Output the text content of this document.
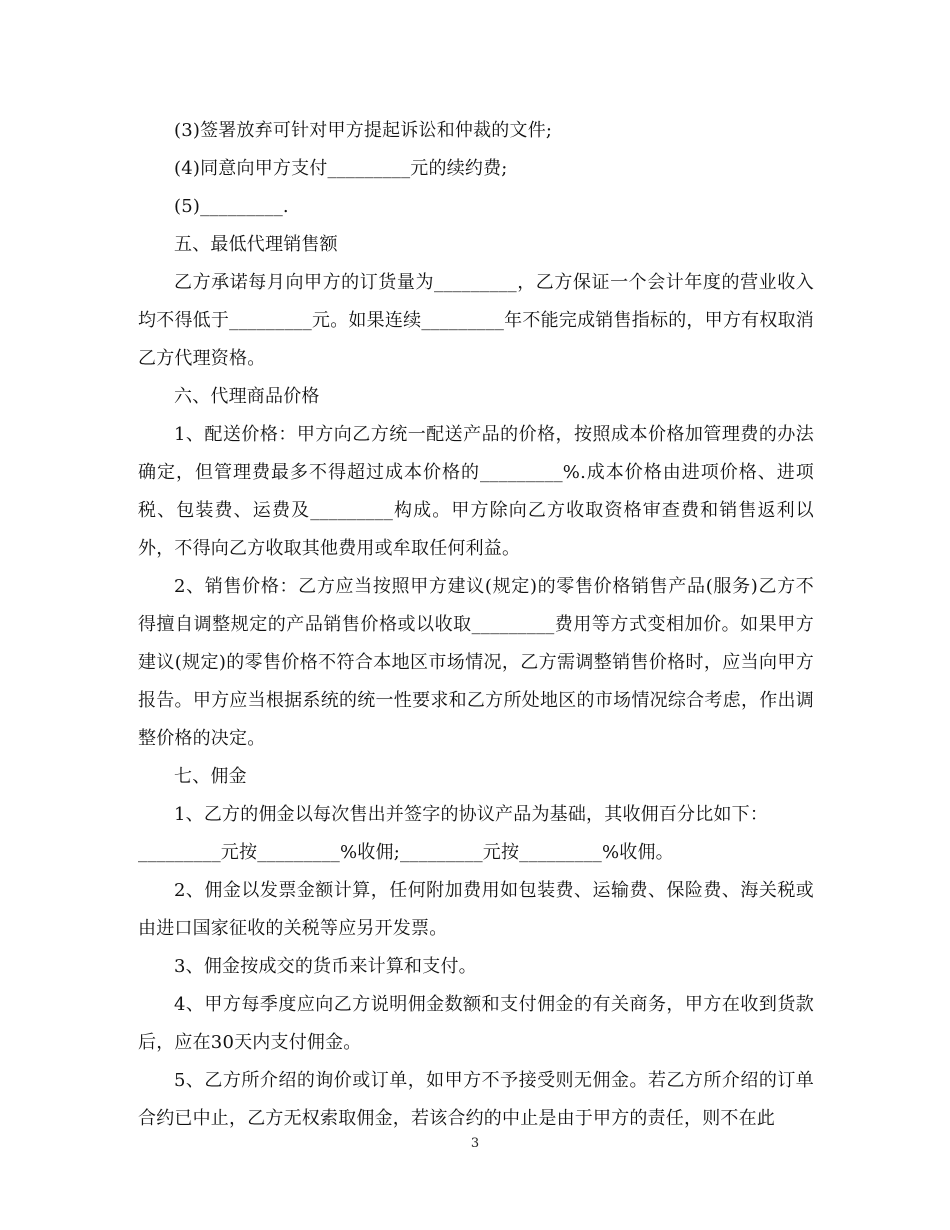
(3)签署放弃可针对甲方提起诉讼和仲裁的文件;

(4)同意向甲方支付_________元的续约费;

(5)_________.

五、最低代理销售额

乙方承诺每月向甲方的订货量为_________，乙方保证一个会计年度的营业收入均不得低于_________元。如果连续_________年不能完成销售指标的，甲方有权取消乙方代理资格。

六、代理商品价格

1、配送价格：甲方向乙方统一配送产品的价格，按照成本价格加管理费的办法确定，但管理费最多不得超过成本价格的_________%.成本价格由进项价格、进项税、包装费、运费及_________构成。甲方除向乙方收取资格审查费和销售返利以外，不得向乙方收取其他费用或牟取任何利益。

2、销售价格：乙方应当按照甲方建议(规定)的零售价格销售产品(服务)乙方不得擅自调整规定的产品销售价格或以收取_________费用等方式变相加价。如果甲方建议(规定)的零售价格不符合本地区市场情况，乙方需调整销售价格时，应当向甲方报告。甲方应当根据系统的统一性要求和乙方所处地区的市场情况综合考虑，作出调整价格的决定。

七、佣金

1、乙方的佣金以每次售出并签字的协议产品为基础，其收佣百分比如下：

_________元按_________%收佣;_________元按_________%收佣。

2、佣金以发票金额计算，任何附加费用如包装费、运输费、保险费、海关税或由进口国家征收的关税等应另开发票。

3、佣金按成交的货币来计算和支付。

4、甲方每季度应向乙方说明佣金数额和支付佣金的有关商务，甲方在收到货款后，应在30天内支付佣金。

5、乙方所介绍的询价或订单，如甲方不予接受则无佣金。若乙方所介绍的订单合约已中止，乙方无权索取佣金，若该合约的中止是由于甲方的责任，则不在此

3
